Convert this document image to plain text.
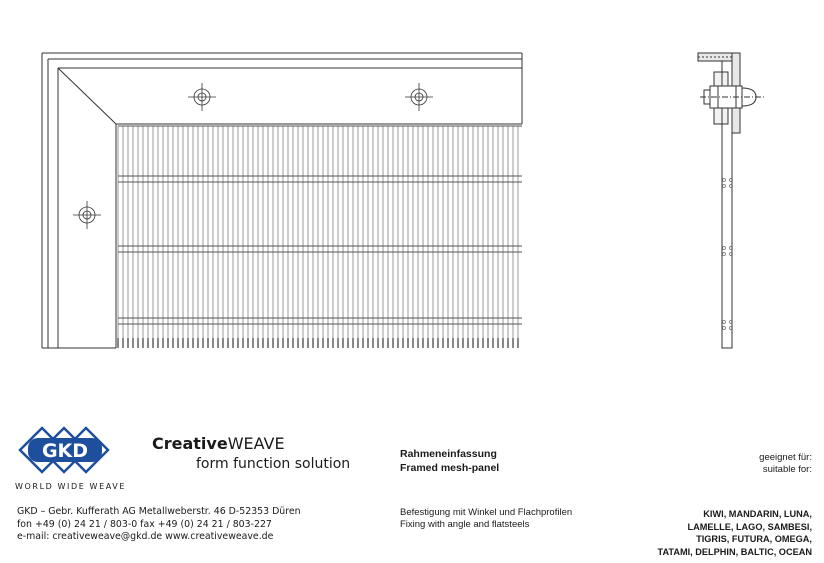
GKD
WORLD WIDE WEAVE
CreativeWEAVE
form function solution
GKD – Gebr. Kufferath AG Metallweberstr. 46 D-52353 Düren
fon +49 (0) 24 21 / 803-0 fax +49 (0) 24 21 / 803-227
e-mail: creativeweave@gkd.de www.creativeweave.de
Rahmeneinfassung
Framed mesh-panel
Befestigung mit Winkel und Flachprofilen
Fixing with angle and flatsteels
geeignet für:
suitable for:
KIWI, MANDARIN, LUNA,
LAMELLE, LAGO, SAMBESI,
TIGRIS, FUTURA, OMEGA,
TATAMI, DELPHIN, BALTIC, OCEAN
